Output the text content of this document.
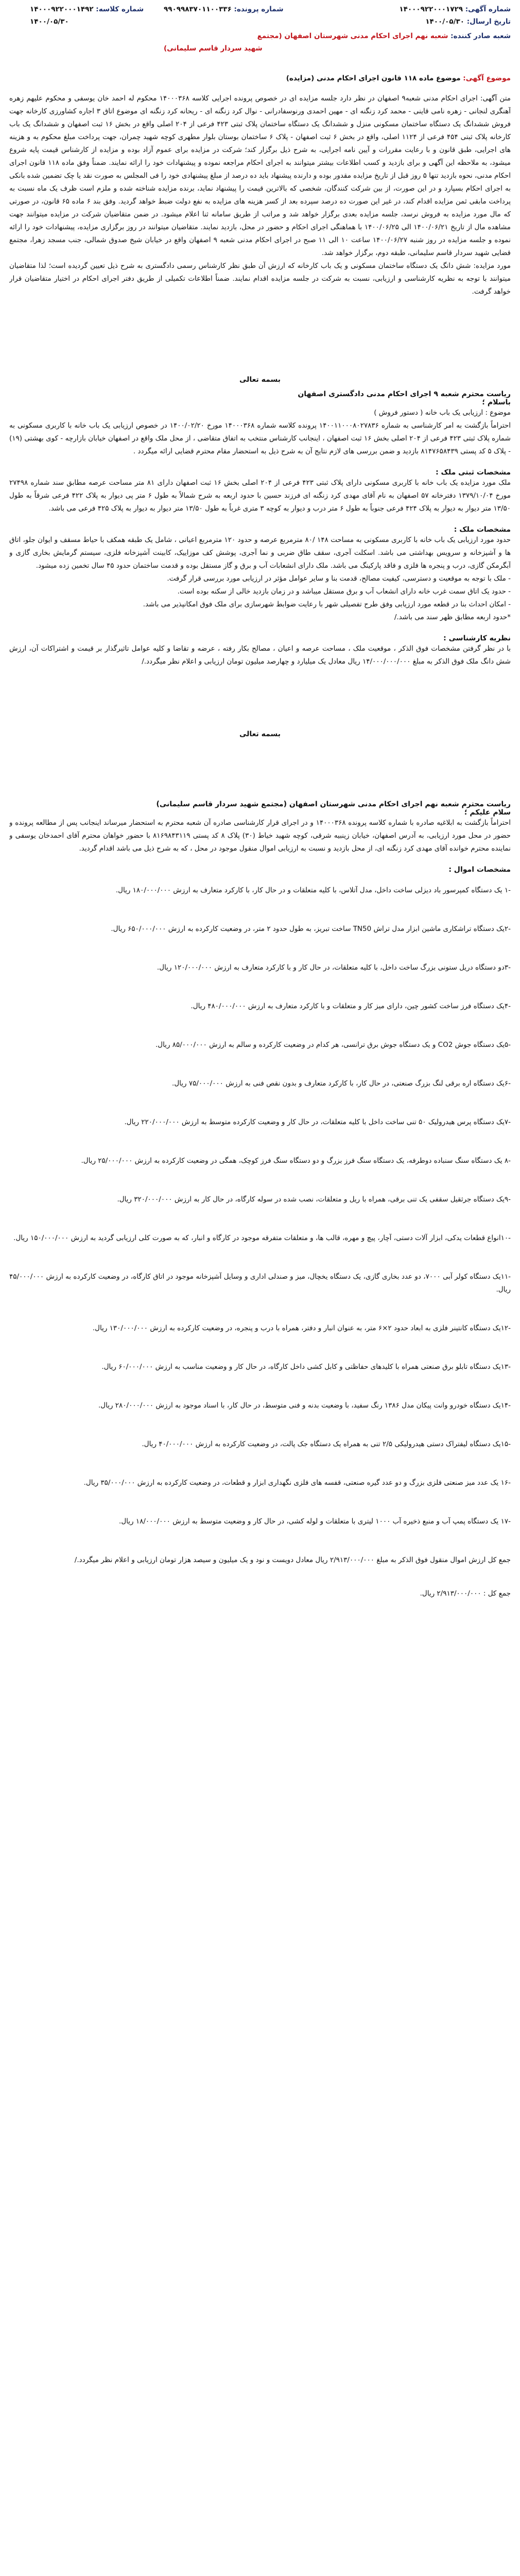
شماره آگهی: ۱۴۰۰۰۹۲۲۰۰۰۱۷۲۹
تاریخ ارسال: ۱۴۰۰/۰۵/۳۰
شماره پرونده: ۹۹۰۹۹۸۳۷۰۱۱۰۰۳۳۶
شماره کلاسه: ۱۴۰۰۰۹۲۲۰۰۰۱۴۹۲
۱۴۰۰/۰۵/۳۰
شعبه صادر کننده: شعبه نهم اجرای احکام مدنی شهرستان اصفهان (مجتمع
شهید سردار قاسم سلیمانی)

موضوع آگهی: موضوع ماده ۱۱۸ قانون اجرای احکام مدنی (مزایده)

متن آگهی: اجرای احکام مدنی شعبه۹ اصفهان در نظر دارد جلسه مزایده ای در خصوص پرونده اجرایی کلاسه ۱۴۰۰۰۳۶۸ محکوم له احمد خان یوسفی و محکوم علیهم زهره آهنگری لنجانی - زهره نامی قاینی - محمد کرد زنگنه ای - مهین احمدی ورنوسفادرانی - نوال کرد زنگنه ای - ریحانه کرد زنگنه ای موضوع اتاق ۳ اجاره کشاورزی کارخانه جهت فروش ششدانگ یک دستگاه ساختمان مسکونی منزل و ششدانگ یک دستگاه ساختمان پلاک ثبتی ۴۲۳ فرعی از ۲۰۴ اصلی واقع در بخش ۱۶ ثبت اصفهان و ششدانگ یک باب کارخانه پلاک ثبتی ۴۵۴ فرعی از ۱۱۲۴ اصلی، واقع در بخش ۶ ثبت اصفهان - پلاک ۶ ساختمان بوستان بلوار مطهری کوچه شهید چمران، جهت پرداخت مبلغ محکوم به و هزینه های اجرایی، طبق قانون و با رعایت مقررات و آیین نامه اجرایی، به شرح ذیل برگزار کند؛ شرکت در مزایده برای عموم آزاد بوده و مزایده از کارشناس قیمت پایه شروع میشود، به ملاحظه این آگهی و برای بازدید و کسب اطلاعات بیشتر میتوانند به اجرای احکام مراجعه نموده و پیشنهادات خود را ارائه نمایند. ضمناً وفق ماده ۱۱۸ قانون اجرای احکام مدنی، نحوه بازدید تنها ۵ روز قبل از تاریخ مزایده مقدور بوده و دارنده پیشنهاد باید ده درصد از مبلغ پیشنهادی خود را فی المجلس به صورت نقد یا چک تضمین شده بانکی به اجرای احکام بسپارد و در این صورت، از بین شرکت کنندگان، شخصی که بالاترین قیمت را پیشنهاد نماید، برنده مزایده شناخته شده و ملزم است ظرف یک ماه نسبت به پرداخت مابقی ثمن مزایده اقدام کند، در غیر این صورت ده درصد سپرده بعد از کسر هزینه های مزایده به نفع دولت ضبط خواهد گردید. وفق بند ۶ ماده ۶۵ قانون، در صورتی که مال مورد مزایده به فروش نرسد، جلسه مزایده بعدی برگزار خواهد شد و مراتب از طریق سامانه ثنا اعلام میشود. در ضمن متقاضیان شرکت در مزایده میتوانند جهت مشاهده مال از تاریخ ۱۴۰۰/۰۶/۲۱ الی ۱۴۰۰/۰۶/۲۵ با هماهنگی اجرای احکام و حضور در محل، بازدید نمایند. متقاضیان میتوانند در روز برگزاری مزایده، پیشنهادات خود را ارائه نموده و جلسه مزایده در روز شنبه ۱۴۰۰/۰۶/۲۷ ساعت ۱۰ الی ۱۱ صبح در اجرای احکام مدنی شعبه ۹ اصفهان واقع در خیابان شیخ صدوق شمالی، جنب مسجد زهرا، مجتمع قضایی شهید سردار قاسم سلیمانی، طبقه دوم، برگزار خواهد شد.

مورد مزایده: شش دانگ یک دستگاه ساختمان مسکونی و یک باب کارخانه که ارزش آن طبق نظر کارشناس رسمی دادگستری به شرح ذیل تعیین گردیده است؛ لذا متقاضیان میتوانند با توجه به نظریه کارشناسی و ارزیابی، نسبت به شرکت در جلسه مزایده اقدام نمایند. ضمناً اطلاعات تکمیلی از طریق دفتر اجرای احکام در اختیار متقاضیان قرار خواهد گرفت.

بسمه تعالی

ریاست محترم شعبه ۹ اجرای احکام مدنی دادگستری اصفهان

باسلام ؛

موضوع : ارزیابی یک باب خانه ( دستور فروش )

احتراماً بازگشت به امر کارشناسی به شماره ۱۴۰۰۱۱۰۰۰۸۰۲۷۸۳۶ پرونده کلاسه شماره ۱۴۰۰۰۳۶۸ مورخ ۱۴۰۰/۰۲/۲۰ در خصوص ارزیابی یک باب خانه با کاربری مسکونی به شماره پلاک ثبتی ۴۲۳ فرعی از ۲۰۴ اصلی بخش ۱۶ ثبت اصفهان ، اینجانب کارشناس منتخب به اتفاق متقاضی ، از محل ملک واقع در اصفهان خیابان بازارچه - کوی بهشتی (۱۹) - پلاک ۵ کد پستی ۸۱۴۷۶۵۸۴۳۹ بازدید و ضمن بررسی های لازم نتایج آن به شرح ذیل به استحضار مقام محترم قضایی ارائه میگردد .

مشخصات ثبتی ملک :

ملک مورد مزایده یک باب خانه با کاربری مسکونی دارای پلاک ثبتی ۴۲۳ فرعی از ۲۰۴ اصلی بخش ۱۶ ثبت اصفهان دارای ۸۱ متر مساحت عرصه مطابق سند شماره ۲۷۴۹۸ مورخ ۱۳۷۹/۱۰/۰۴ دفترخانه ۵۷ اصفهان به نام آقای مهدی کرد زنگنه ای فرزند حسین با حدود اربعه به شرح شمالاً به طول ۶ متر پی دیوار به پلاک ۴۲۲ فرعی شرقاً به طول ۱۳/۵۰ متر دیوار به دیوار به پلاک ۴۲۴ فرعی جنوباً به طول ۶ متر درب و دیوار به کوچه ۳ متری غرباً به طول ۱۳/۵۰ متر دیوار به دیوار به پلاک ۴۲۵ فرعی می باشد.

مشخصات ملک :

حدود مورد ارزیابی یک باب خانه با کاربری مسکونی به مساحت ۱۴۸ /۸۰ مترمربع عرصه و حدود ۱۲۰ مترمربع اعیانی ، شامل یک طبقه همکف با حیاط مسقف و ایوان جلو، اتاق ها و آشپزخانه و سرویس بهداشتی می باشد. اسکلت آجری، سقف طاق ضربی و نما آجری، پوشش کف موزاییک، کابینت آشپزخانه فلزی، سیستم گرمایش بخاری گازی و آبگرمکن گازی، درب و پنجره ها فلزی و فاقد پارکینگ می باشد. ملک دارای انشعابات آب و برق و گاز مستقل بوده و قدمت ساختمان حدود ۴۵ سال تخمین زده میشود.

- ملک با توجه به موقعیت و دسترسی، کیفیت مصالح، قدمت بنا و سایر عوامل مؤثر در ارزیابی مورد بررسی قرار گرفت.

- حدود یک اتاق سمت غرب خانه دارای انشعاب آب و برق مستقل میباشد و در زمان بازدید خالی از سکنه بوده است.

- امکان احداث بنا در قطعه مورد ارزیابی وفق طرح تفصیلی شهر با رعایت ضوابط شهرسازی برای ملک فوق امکانپذیر می باشد.

*حدود اربعه مطابق ظهر سند می باشد./

نظریه کارشناسی :

با در نظر گرفتن مشخصات فوق الذکر ، موقعیت ملک ، مساحت عرصه و اعیان ، مصالح بکار رفته ، عرضه و تقاضا و کلیه عوامل تاثیرگذار بر قیمت و اشتراکات آن، ارزش شش دانگ ملک فوق الذکر به مبلغ ۱۴/۰۰۰/۰۰۰/۰۰۰ ریال معادل یک میلیارد و چهارصد میلیون تومان ارزیابی و اعلام نظر میگردد./

بسمه تعالی

ریاست محترم شعبه نهم اجرای احکام مدنی شهرستان اصفهان (مجتمع شهید سردار قاسم سلیمانی)

سلام علیکم ؛

احتراماً بازگشت به ابلاغیه صادره با شماره کلاسه پرونده ۱۴۰۰۰۳۶۸ و در اجرای قرار کارشناسی صادره آن شعبه محترم به استحضار میرساند اینجانب پس از مطالعه پرونده و حضور در محل مورد ارزیابی، به آدرس اصفهان، خیابان زینبیه شرقی، کوچه شهید خیاط (۳۰) پلاک ۸ کد پستی ۸۱۶۹۸۴۳۱۱۹ با حضور خواهان محترم آقای احمدخان یوسفی و نماینده محترم خوانده آقای مهدی کرد زنگنه ای، از محل بازدید و نسبت به ارزیابی اموال منقول موجود در محل ، که به شرح ذیل می باشد اقدام گردید.

مشخصات اموال :

-۱ یک دستگاه کمپرسور باد دیزلی ساخت داخل، مدل آتلاس، با کلیه متعلقات و در حال کار، با کارکرد متعارف به ارزش ۱۸۰/۰۰۰/۰۰۰ ریال.

-۲یک دستگاه تراشکاری ماشین ابزار مدل تراش TN50 ساخت تبریز، به طول حدود ۲ متر، در وضعیت کارکرده به ارزش ۶۵۰/۰۰۰/۰۰۰ ریال.

-۳دو دستگاه دریل ستونی بزرگ ساخت داخل، با کلیه متعلقات، در حال کار و با کارکرد متعارف به ارزش ۱۲۰/۰۰۰/۰۰۰ ریال.

-۴یک دستگاه فرز ساخت کشور چین، دارای میز کار و متعلقات و با کارکرد متعارف به ارزش ۴۸۰/۰۰۰/۰۰۰ ریال.

-۵یک دستگاه جوش CO2 و یک دستگاه جوش برق ترانسی، هر کدام در وضعیت کارکرده و سالم به ارزش ۸۵/۰۰۰/۰۰۰ ریال.

-۶یک دستگاه اره برقی لنگ بزرگ صنعتی، در حال کار، با کارکرد متعارف و بدون نقص فنی به ارزش ۷۵/۰۰۰/۰۰۰ ریال.

-۷یک دستگاه پرس هیدرولیک ۵۰ تنی ساخت داخل با کلیه متعلقات، در حال کار و وضعیت کارکرده متوسط به ارزش ۲۲۰/۰۰۰/۰۰۰ ریال.

-۸ یک دستگاه سنگ سنباده دوطرفه، یک دستگاه سنگ فرز بزرگ و دو دستگاه سنگ فرز کوچک، همگی در وضعیت کارکرده به ارزش ۲۵/۰۰۰/۰۰۰ ریال.

-۹یک دستگاه جرثقیل سقفی یک تنی برقی، همراه با ریل و متعلقات، نصب شده در سوله کارگاه، در حال کار به ارزش ۳۲۰/۰۰۰/۰۰۰ ریال.

-۱۰انواع قطعات یدکی، ابزار آلات دستی، آچار، پیچ و مهره، قالب ها، و متعلقات متفرقه موجود در کارگاه و انبار، که به صورت کلی ارزیابی گردید به ارزش ۱۵۰/۰۰۰/۰۰۰ ریال.

-۱۱یک دستگاه کولر آبی ۷۰۰۰، دو عدد بخاری گازی، یک دستگاه یخچال، میز و صندلی اداری و وسایل آشپزخانه موجود در اتاق کارگاه، در وضعیت کارکرده به ارزش ۴۵/۰۰۰/۰۰۰ ریال.

-۱۲یک دستگاه کانتینر فلزی به ابعاد حدود ۲×۶ متر، به عنوان انبار و دفتر، همراه با درب و پنجره، در وضعیت کارکرده به ارزش ۱۳۰/۰۰۰/۰۰۰ ریال.

-۱۳یک دستگاه تابلو برق صنعتی همراه با کلیدهای حفاظتی و کابل کشی داخل کارگاه، در حال کار و وضعیت مناسب به ارزش ۶۰/۰۰۰/۰۰۰ ریال.

-۱۴یک دستگاه خودرو وانت پیکان مدل ۱۳۸۶ رنگ سفید، با وضعیت بدنه و فنی متوسط، در حال کار، با اسناد موجود به ارزش ۲۸۰/۰۰۰/۰۰۰ ریال.

-۱۵یک دستگاه لیفتراک دستی هیدرولیکی ۲/۵ تنی به همراه یک دستگاه جک پالت، در وضعیت کارکرده به ارزش ۴۰/۰۰۰/۰۰۰ ریال.

-۱۶ یک عدد میز صنعتی فلزی بزرگ و دو عدد گیره صنعتی، قفسه های فلزی نگهداری ابزار و قطعات، در وضعیت کارکرده به ارزش ۳۵/۰۰۰/۰۰۰ ریال.

-۱۷ یک دستگاه پمپ آب و منبع ذخیره آب ۱۰۰۰ لیتری با متعلقات و لوله کشی، در حال کار و وضعیت متوسط به ارزش ۱۸/۰۰۰/۰۰۰ ریال.

جمع کل ارزش اموال منقول فوق الذکر به مبلغ ۲/۹۱۳/۰۰۰/۰۰۰ ریال معادل دویست و نود و یک میلیون و سیصد هزار تومان ارزیابی و اعلام نظر میگردد./

جمع کل : ۲/۹۱۳/۰۰۰/۰۰۰ ریال.
